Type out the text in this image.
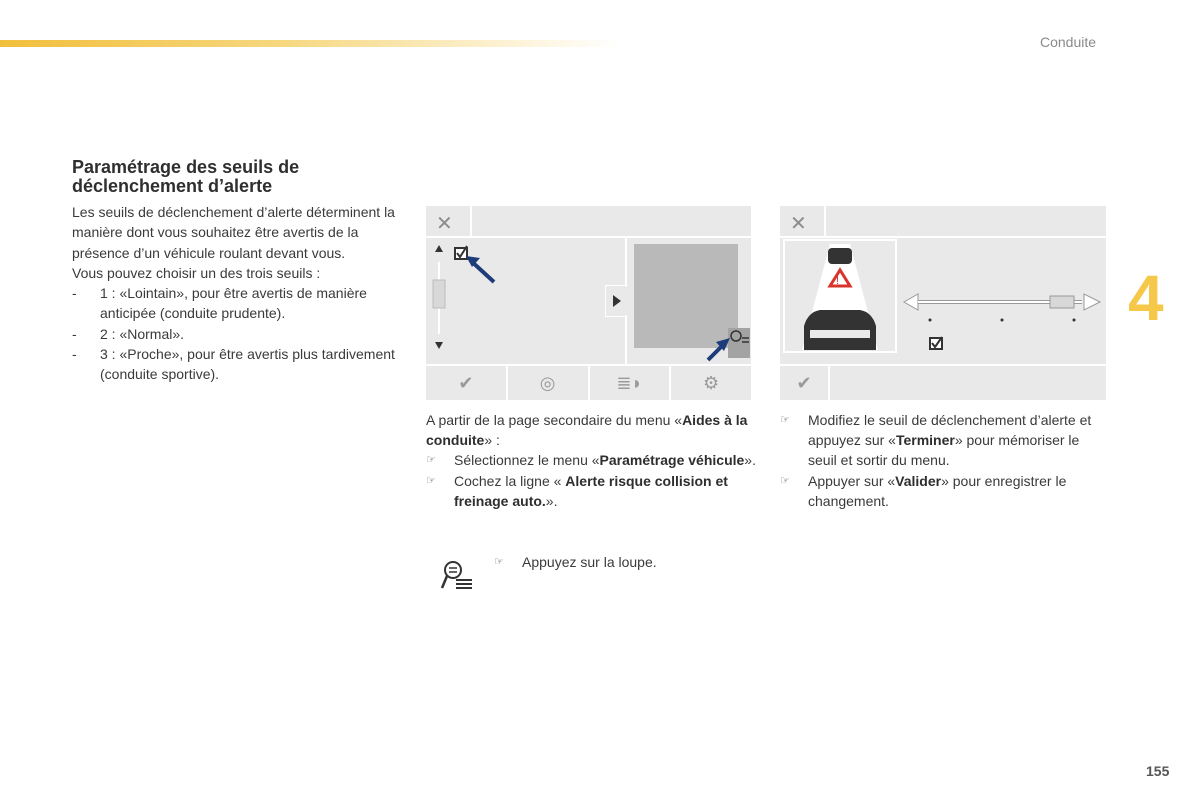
Conduite
4
Paramétrage des seuils de déclenchement d’alerte

Les seuils de déclenchement d’alerte déterminent la manière dont vous souhaitez être avertis de la présence d’un véhicule roulant devant vous.

Vous pouvez choisir un des trois seuils :

-	1 : «Lointain», pour être avertis de manière anticipée (conduite prudente).
-	2 : «Normal».
-	3 : «Proche», pour être avertis plus tardivement (conduite sportive).
✕
✔	◎	≣◗	⚙
✕
!
✔

A partir de la page secondaire du menu «Aides à la conduite» :

☞	Sélectionnez le menu «Paramétrage véhicule».
☞	Cochez la ligne « Alerte risque collision et freinage auto.».
☞	Appuyez sur la loupe.
☞	Modifiez le seuil de déclenchement d’alerte et appuyez sur «Terminer» pour mémoriser le seuil et sortir du menu.
☞	Appuyer sur «Valider» pour enregistrer le changement.
155
